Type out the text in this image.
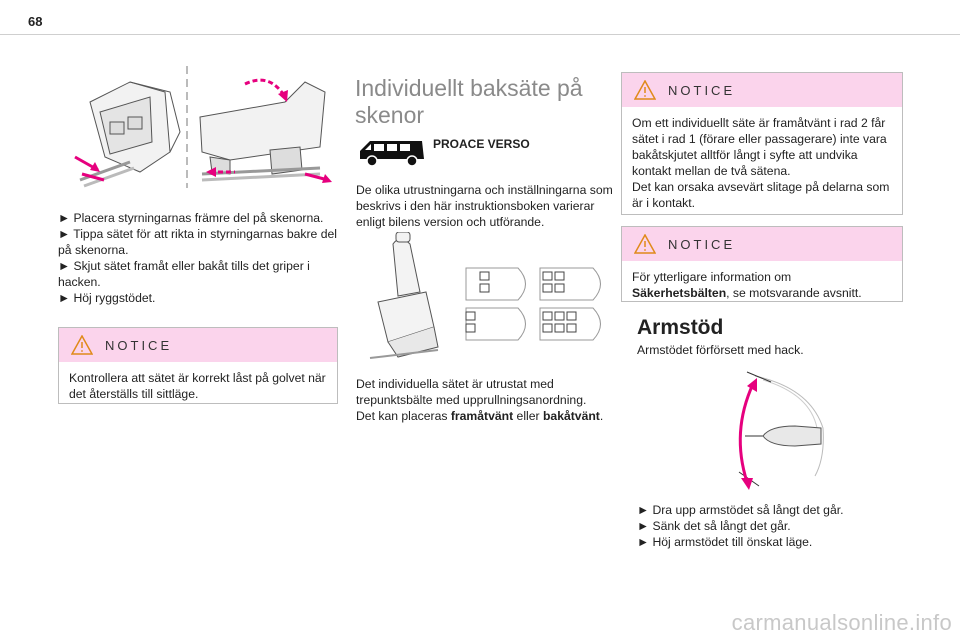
68
► Placera styrningarnas främre del på skenorna.
► Tippa sätet för att rikta in styrningarnas bakre del på skenorna.
► Skjut sätet framåt eller bakåt tills det griper i hacken.
► Höj ryggstödet.
NOTICE
Kontrollera att sätet är korrekt låst på golvet när det återställs till sittläge.
Individuellt baksäte på skenor
PROACE VERSO
De olika utrustningarna och inställningarna som beskrivs i den här instruktionsboken varierar enligt bilens version och utförande.
Det individuella sätet är utrustat med trepunktsbälte med upprullningsanordning.
Det kan placeras framåtvänt eller bakåtvänt.
NOTICE
Om ett individuellt säte är framåtvänt i rad 2 får sätet i rad 1 (förare eller passagerare) inte vara bakåtskjutet alltför långt i syfte att undvika kontakt mellan de två sätena.
Det kan orsaka avsevärt slitage på delarna som är i kontakt.
NOTICE
För ytterligare information om Säkerhetsbälten, se motsvarande avsnitt.
Armstöd
Armstödet förförsett med hack.
► Dra upp armstödet så långt det går.
► Sänk det så långt det går.
► Höj armstödet till önskat läge.
carmanualsonline.info
